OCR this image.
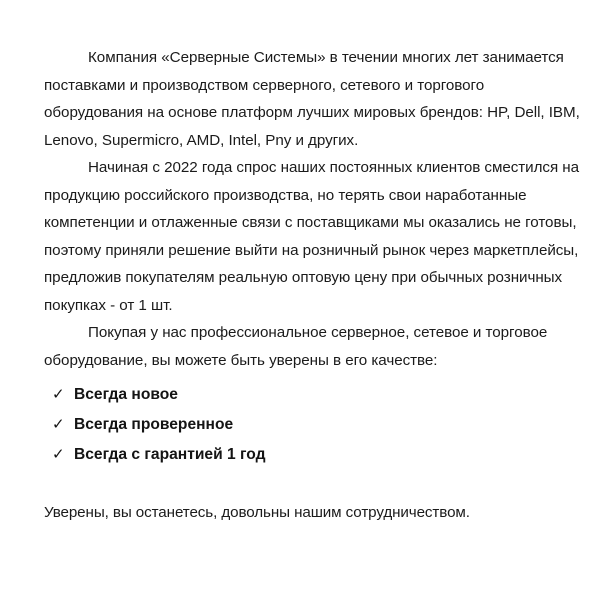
Компания «Серверные Системы» в течении многих лет занимается поставками и производством серверного, сетевого и торгового оборудования на основе платформ лучших мировых брендов: HP, Dell, IBM, Lenovo, Supermicro, AMD, Intel, Pny и других.

Начиная с 2022 года спрос наших постоянных клиентов сместился на продукцию российского производства, но терять свои наработанные компетенции и отлаженные связи с поставщиками мы оказались не готовы, поэтому приняли решение выйти на розничный рынок через маркетплейсы, предложив покупателям реальную оптовую цену при обычных розничных покупках - от 1 шт.

Покупая у нас профессиональное серверное, сетевое и торговое оборудование, вы можете быть уверены в его качестве:

✓ Всегда новое
✓ Всегда проверенное
✓ Всегда с гарантией 1 год

Уверены, вы останетесь, довольны нашим сотрудничеством.
